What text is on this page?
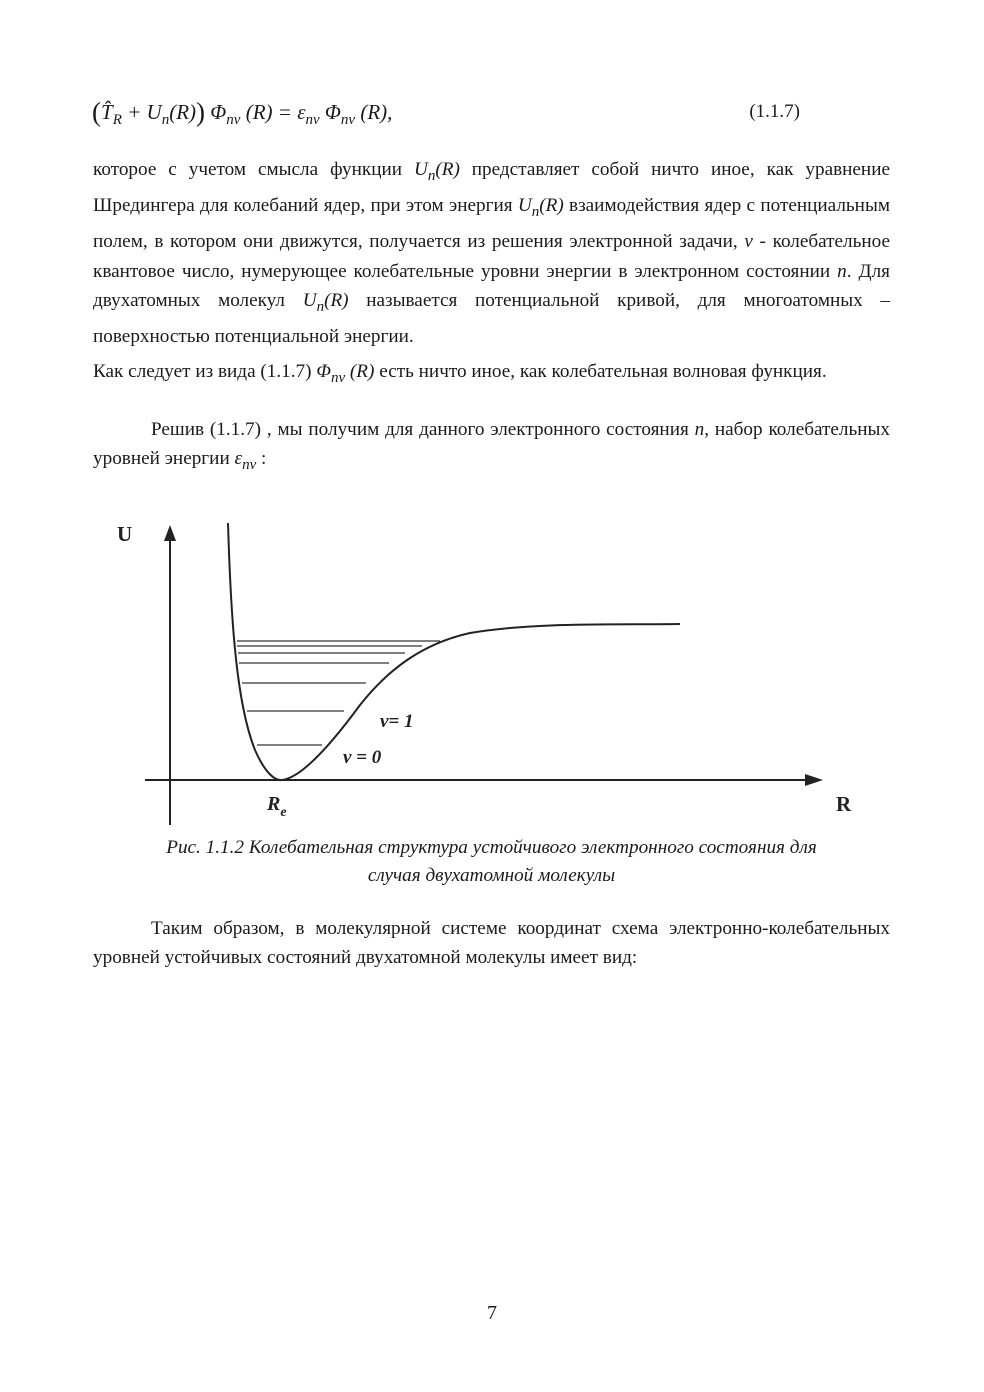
$(T̂_R + U_n(R))$ $\Phi_{nv}$ $(R) = \varepsilon_{nv}$ $\Phi_{nv}$ (R),	(1.1.7)
которое с учетом смысла функции $U_n(R)$ представляет собой ничто иное, как уравнение Шредингера для колебаний ядер, при этом энергия $U_n(R)$ взаимодействия ядер с потенциальным полем, в котором они движутся, получается из решения электронной задачи, v - колебательное квантовое число, нумерующее колебательные уровни энергии в электронном состоянии n. Для двухатомных молекул $U_n(R)$ называется потенциальной кривой, для многоатомных – поверхностью потенциальной энергии.
Как следует из вида (1.1.7) $\Phi_{nv}$ (R) есть ничто иное, как колебательная волновая функция.
Решив (1.1.7) , мы получим для данного электронного состояния n, набор колебательных уровней энергии $\varepsilon_{nv}$ :
U
R
v= 1
v = 0
$R_e$
Рис. 1.1.2 Колебательная структура устойчивого электронного состояния для
случая двухатомной молекулы
Таким образом, в молекулярной системе координат схема электронно-колебательных уровней устойчивых состояний двухатомной молекулы имеет вид:
7
